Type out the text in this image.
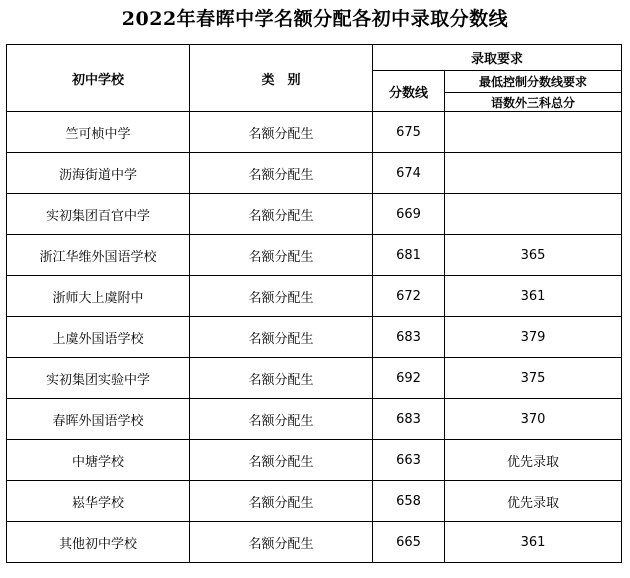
2022年春晖中学名额分配各初中录取分数线
初中学校	类　别	录取要求	
		分数线	最低控制分数线要求
			语数外三科总分
竺可桢中学	名额分配生	675	
沥海街道中学	名额分配生	674	
实初集团百官中学	名额分配生	669	
浙江华维外国语学校	名额分配生	681	365
浙师大上虞附中	名额分配生	672	361
上虞外国语学校	名额分配生	683	379
实初集团实验中学	名额分配生	692	375
春晖外国语学校	名额分配生	683	370
中塘学校	名额分配生	663	优先录取
崧华学校	名额分配生	658	优先录取
其他初中学校	名额分配生	665	361
